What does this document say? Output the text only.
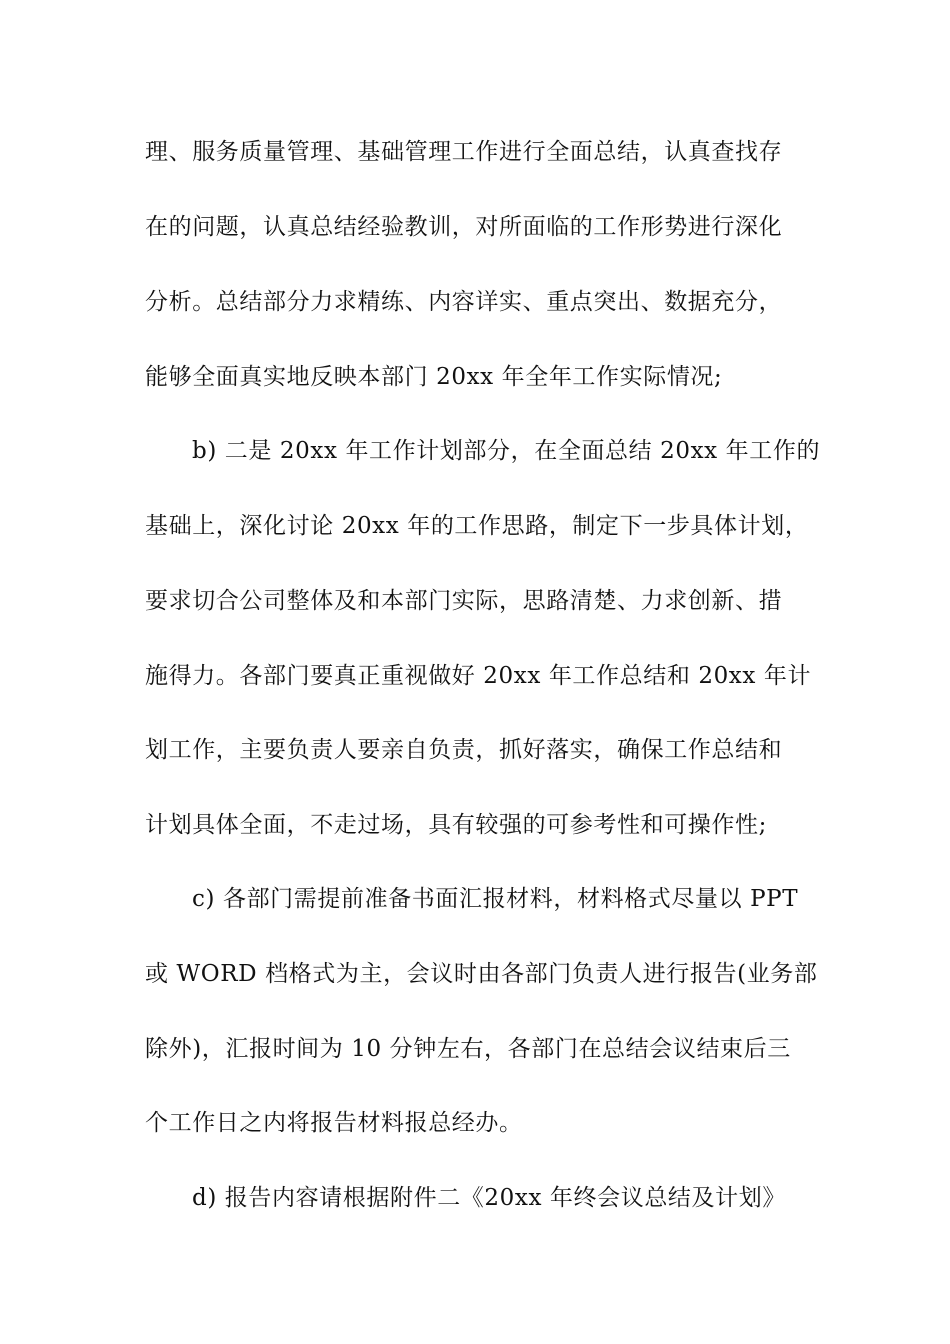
理、服务质量管理、基础管理工作进行全面总结，认真查找存
在的问题，认真总结经验教训，对所面临的工作形势进行深化
分析。总结部分力求精练、内容详实、重点突出、数据充分，
能够全面真实地反映本部门 20xx 年全年工作实际情况;
b) 二是 20xx 年工作计划部分，在全面总结 20xx 年工作的
基础上，深化讨论 20xx 年的工作思路，制定下一步具体计划，
要求切合公司整体及和本部门实际，思路清楚、力求创新、措
施得力。各部门要真正重视做好 20xx 年工作总结和 20xx 年计
划工作，主要负责人要亲自负责，抓好落实，确保工作总结和
计划具体全面，不走过场，具有较强的可参考性和可操作性;
c) 各部门需提前准备书面汇报材料，材料格式尽量以 PPT
或 WORD 档格式为主，会议时由各部门负责人进行报告(业务部
除外)，汇报时间为 10 分钟左右，各部门在总结会议结束后三
个工作日之内将报告材料报总经办。
d) 报告内容请根据附件二《20xx 年终会议总结及计划》
